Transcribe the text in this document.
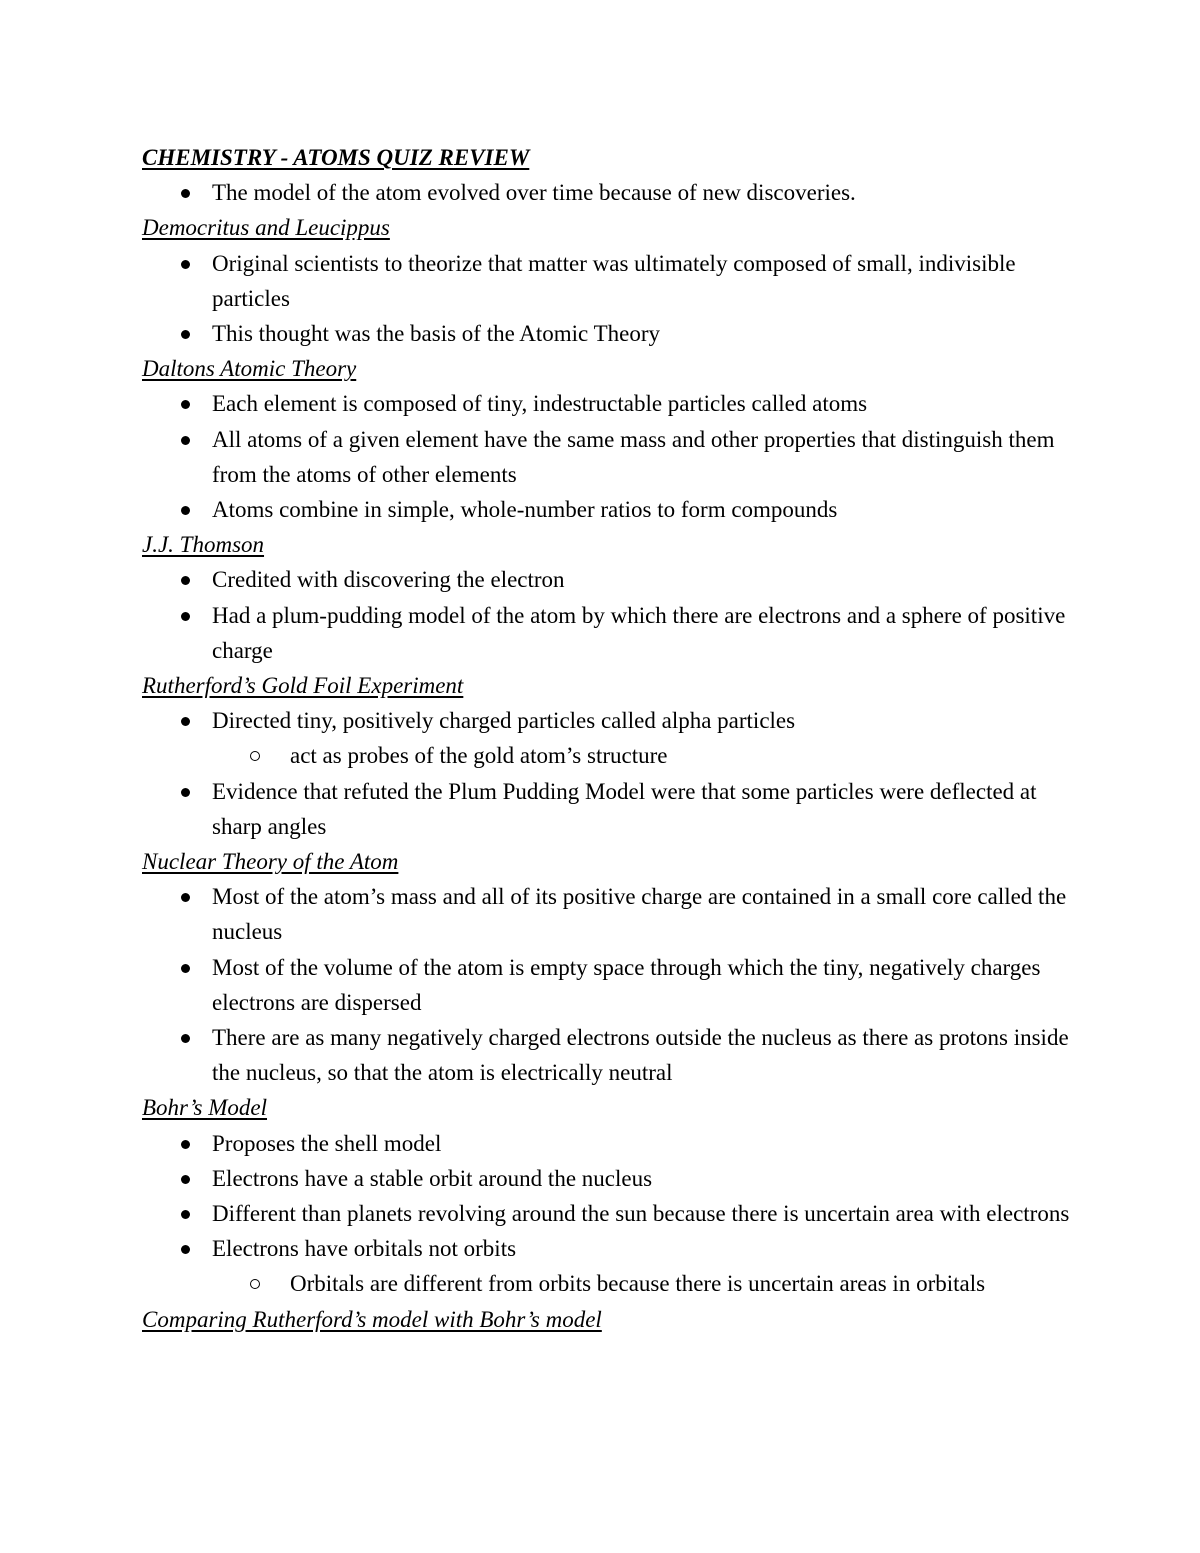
CHEMISTRY - ATOMS QUIZ REVIEW
The model of the atom evolved over time because of new discoveries.
Democritus and Leucippus
Original scientists to theorize that matter was ultimately composed of small, indivisible particles
This thought was the basis of the Atomic Theory
Daltons Atomic Theory
Each element is composed of tiny, indestructable particles called atoms
All atoms of a given element have the same mass and other properties that distinguish them from the atoms of other elements
Atoms combine in simple, whole-number ratios to form compounds
J.J. Thomson
Credited with discovering the electron
Had a plum-pudding model of the atom by which there are electrons and a sphere of positive charge
Rutherford’s Gold Foil Experiment
Directed tiny, positively charged particles called alpha particles
act as probes of the gold atom’s structure
Evidence that refuted the Plum Pudding Model were that some particles were deflected at sharp angles
Nuclear Theory of the Atom
Most of the atom’s mass and all of its positive charge are contained in a small core called the nucleus
Most of the volume of the atom is empty space through which the tiny, negatively charges electrons are dispersed
There are as many negatively charged electrons outside the nucleus as there as protons inside the nucleus, so that the atom is electrically neutral
Bohr’s Model
Proposes the shell model
Electrons have a stable orbit around the nucleus
Different than planets revolving around the sun because there is uncertain area with electrons
Electrons have orbitals not orbits
Orbitals are different from orbits because there is uncertain areas in orbitals
Comparing Rutherford’s model with Bohr’s model
